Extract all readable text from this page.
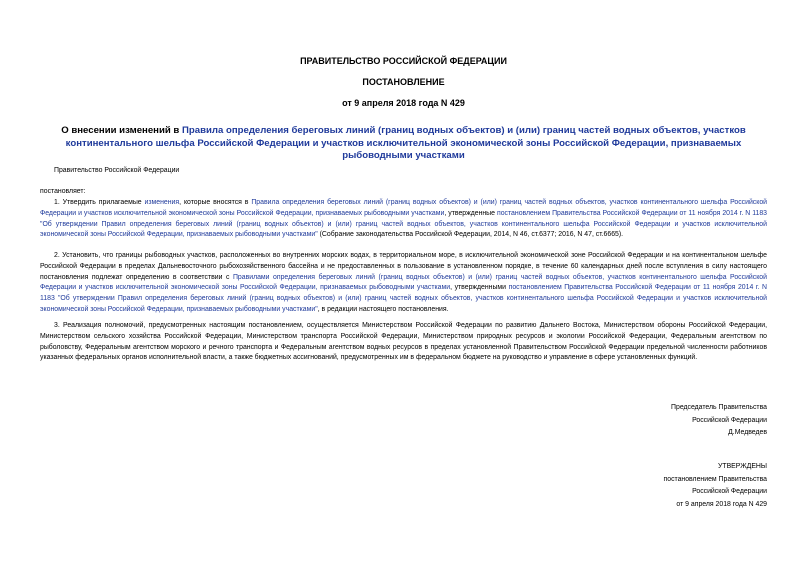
ПРАВИТЕЛЬСТВО РОССИЙСКОЙ ФЕДЕРАЦИИ
ПОСТАНОВЛЕНИЕ
от 9 апреля 2018 года N 429
О внесении изменений в Правила определения береговых линий (границ водных объектов) и (или) границ частей водных объектов, участков континентального шельфа Российской Федерации и участков исключительной экономической зоны Российской Федерации, признаваемых рыбоводными участками
Правительство Российской Федерации
постановляет:
1. Утвердить прилагаемые изменения, которые вносятся в Правила определения береговых линий (границ водных объектов) и (или) границ частей водных объектов, участков континентального шельфа Российской Федерации и участков исключительной экономической зоны Российской Федерации, признаваемых рыбоводными участками, утвержденные постановлением Правительства Российской Федерации от 11 ноября 2014 г. N 1183 "Об утверждении Правил определения береговых линий (границ водных объектов) и (или) границ частей водных объектов, участков континентального шельфа Российской Федерации и участков исключительной экономической зоны Российской Федерации, признаваемых рыбоводными участками" (Собрание законодательства Российской Федерации, 2014, N 46, ст.6377; 2016, N 47, ст.6665).
2. Установить, что границы рыбоводных участков, расположенных во внутренних морских водах, в территориальном море, в исключительной экономической зоне Российской Федерации и на континентальном шельфе Российской Федерации в пределах Дальневосточного рыбохозяйственного бассейна и не предоставленных в пользование в установленном порядке, в течение 60 календарных дней после вступления в силу настоящего постановления подлежат определению в соответствии с Правилами определения береговых линий (границ водных объектов) и (или) границ частей водных объектов, участков континентального шельфа Российской Федерации и участков исключительной экономической зоны Российской Федерации, признаваемых рыбоводными участками, утвержденными постановлением Правительства Российской Федерации от 11 ноября 2014 г. N 1183 "Об утверждении Правил определения береговых линий (границ водных объектов) и (или) границ частей водных объектов, участков континентального шельфа Российской Федерации и участков исключительной экономической зоны Российской Федерации, признаваемых рыбоводными участками", в редакции настоящего постановления.
3. Реализация полномочий, предусмотренных настоящим постановлением, осуществляется Министерством Российской Федерации по развитию Дальнего Востока, Министерством обороны Российской Федерации, Министерством сельского хозяйства Российской Федерации, Министерством транспорта Российской Федерации, Министерством природных ресурсов и экологии Российской Федерации, Федеральным агентством по рыболовству, Федеральным агентством морского и речного транспорта и Федеральным агентством водных ресурсов в пределах установленной Правительством Российской Федерации предельной численности работников указанных федеральных органов исполнительной власти, а также бюджетных ассигнований, предусмотренных им в федеральном бюджете на руководство и управление в сфере установленных функций.
Председатель Правительства
Российской Федерации
Д.Медведев
УТВЕРЖДЕНЫ
постановлением Правительства
Российской Федерации
от 9 апреля 2018 года N 429
